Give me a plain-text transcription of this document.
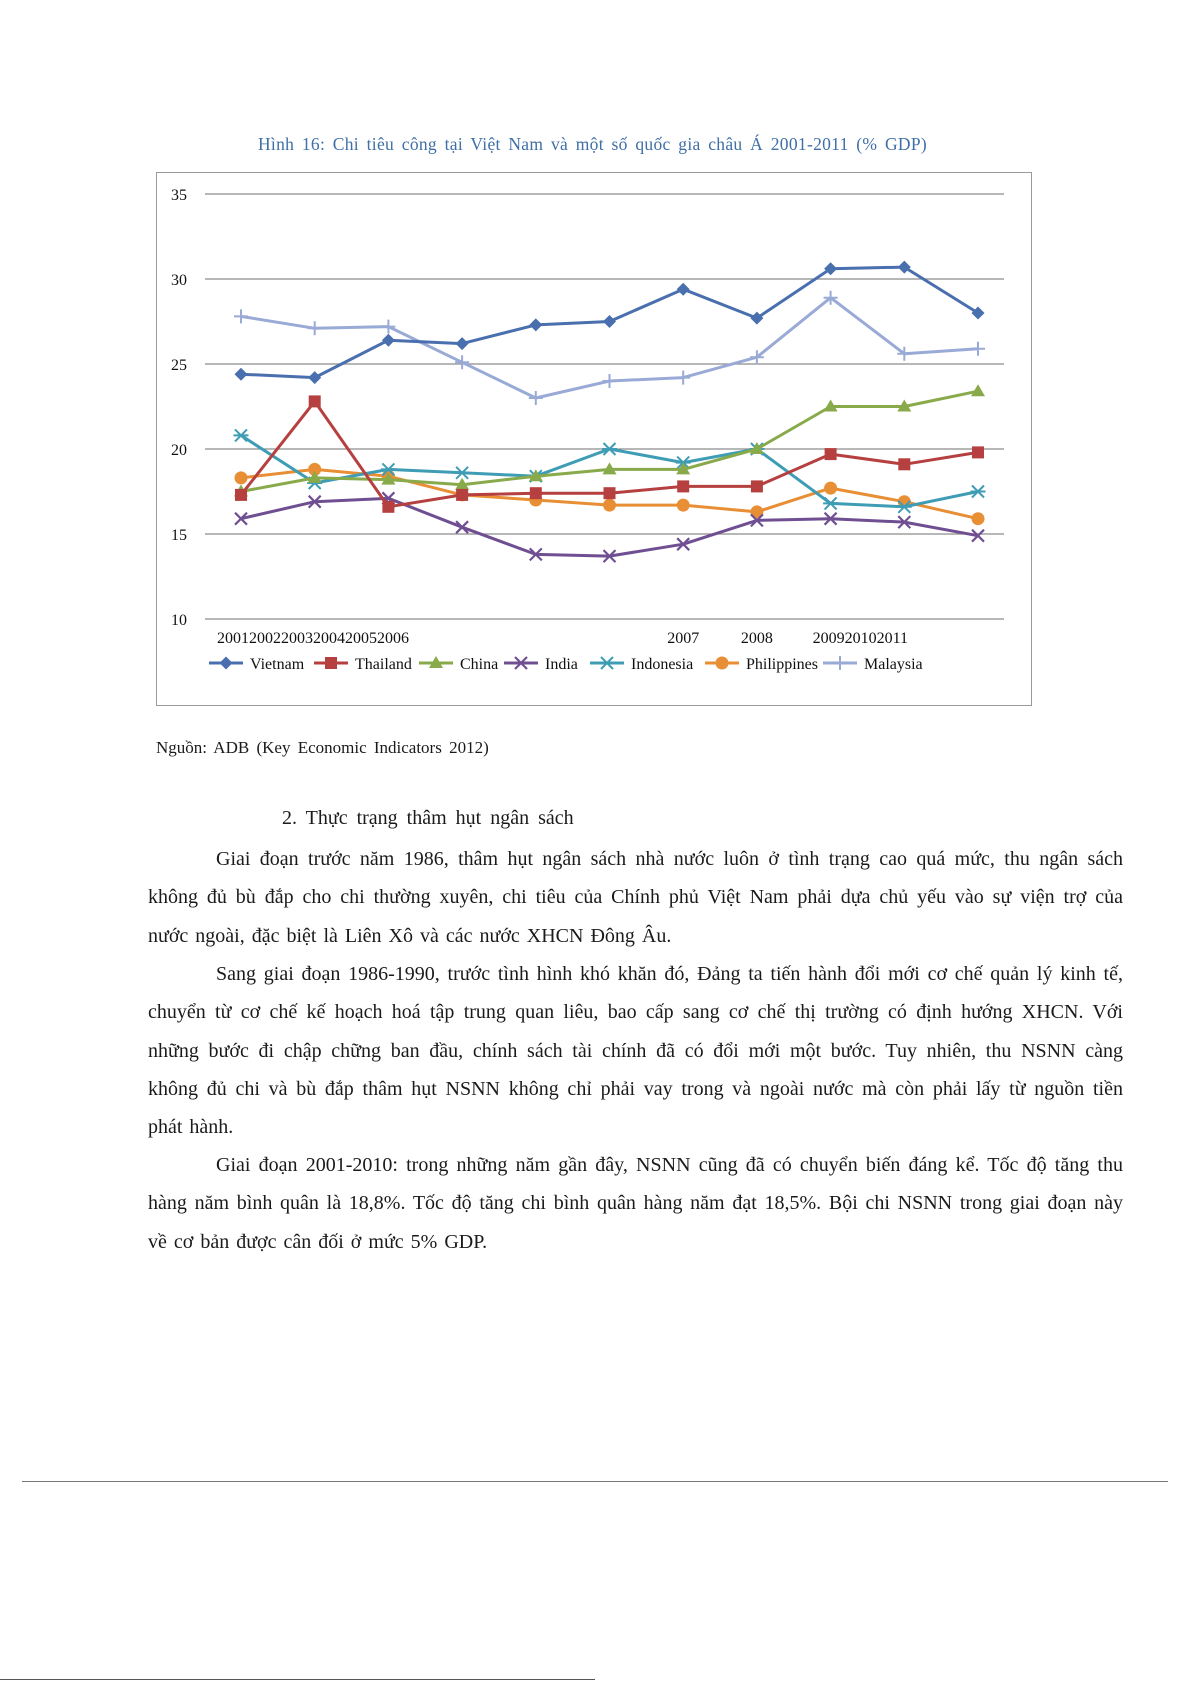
Hình 16: Chi tiêu công tại Việt Nam và một số quốc gia châu Á 2001-2011 (% GDP)
10
15
20
25
30
35
200120022003200420052006	2007	2008 200920102011
Vietnam	Thailand	China	India	Indonesia	Philippines	Malaysia
Nguồn: ADB (Key Economic Indicators 2012)
2. Thực trạng thâm hụt ngân sách

Giai đoạn trước năm 1986, thâm hụt ngân sách nhà nước luôn ở tình trạng cao quá mức, thu ngân sách không đủ bù đắp cho chi thường xuyên, chi tiêu của Chính phủ Việt Nam phải dựa chủ yếu vào sự viện trợ của nước ngoài, đặc biệt là Liên Xô và các nước XHCN Đông Âu.

Sang giai đoạn 1986-1990, trước tình hình khó khăn đó, Đảng ta tiến hành đổi mới cơ chế quản lý kinh tế, chuyển từ cơ chế kế hoạch hoá tập trung quan liêu, bao cấp sang cơ chế thị trường có định hướng XHCN. Với những bước đi chập chững ban đầu, chính sách tài chính đã có đổi mới một bước. Tuy nhiên, thu NSNN càng không đủ chi và bù đắp thâm hụt NSNN không chỉ phải vay trong và ngoài nước mà còn phải lấy từ nguồn tiền phát hành.

Giai đoạn 2001-2010: trong những năm gần đây, NSNN cũng đã có chuyển biến đáng kể. Tốc độ tăng thu hàng năm bình quân là 18,8%. Tốc độ tăng chi bình quân hàng năm đạt 18,5%. Bội chi NSNN trong giai đoạn này về cơ bản được cân đối ở mức 5% GDP.
